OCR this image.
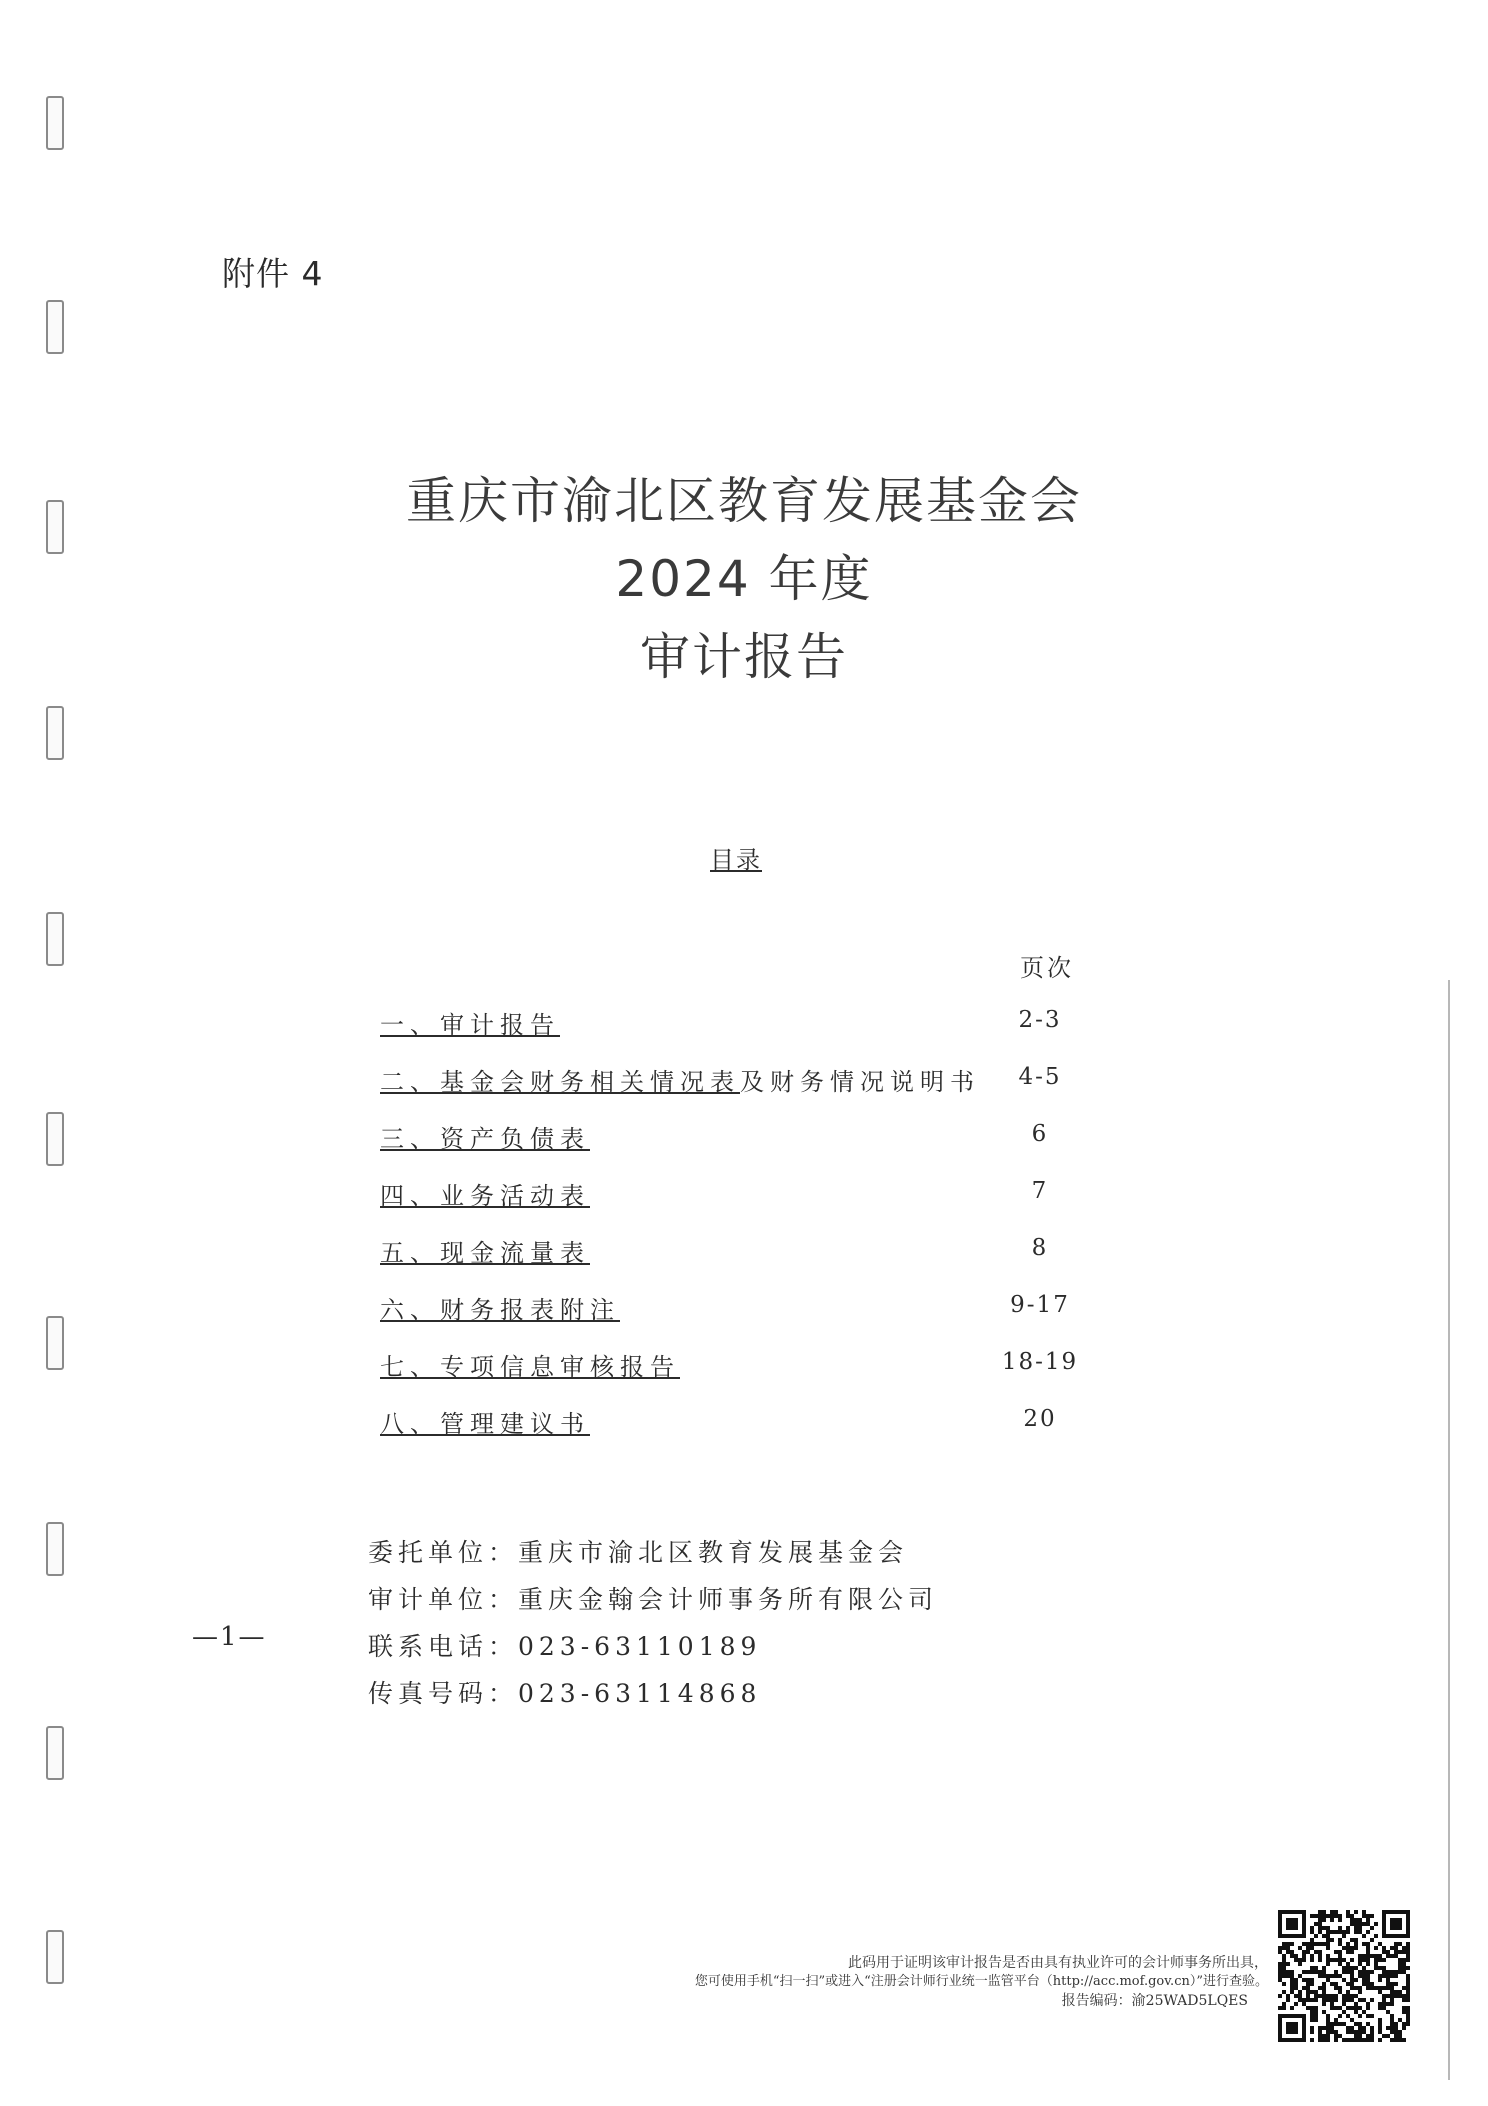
附件 4
重庆市渝北区教育发展基金会
2024 年度
审计报告
目录
页次
一、审计报告	2-3
二、基金会财务相关情况表及财务情况说明书	4-5
三、资产负债表	6
四、业务活动表	7
五、现金流量表	8
六、财务报表附注	9-17
七、专项信息审核报告	18-19
八、管理建议书	20
委托单位：重庆市渝北区教育发展基金会
审计单位：重庆金翰会计师事务所有限公司
联系电话：023-63110189
传真号码：023-63114868
—1—
此码用于证明该审计报告是否由具有执业许可的会计师事务所出具，
您可使用手机“扫一扫”或进入“注册会计师行业统一监管平台（http://acc.mof.gov.cn）”进行查验。
报告编码：渝25WAD5LQES
